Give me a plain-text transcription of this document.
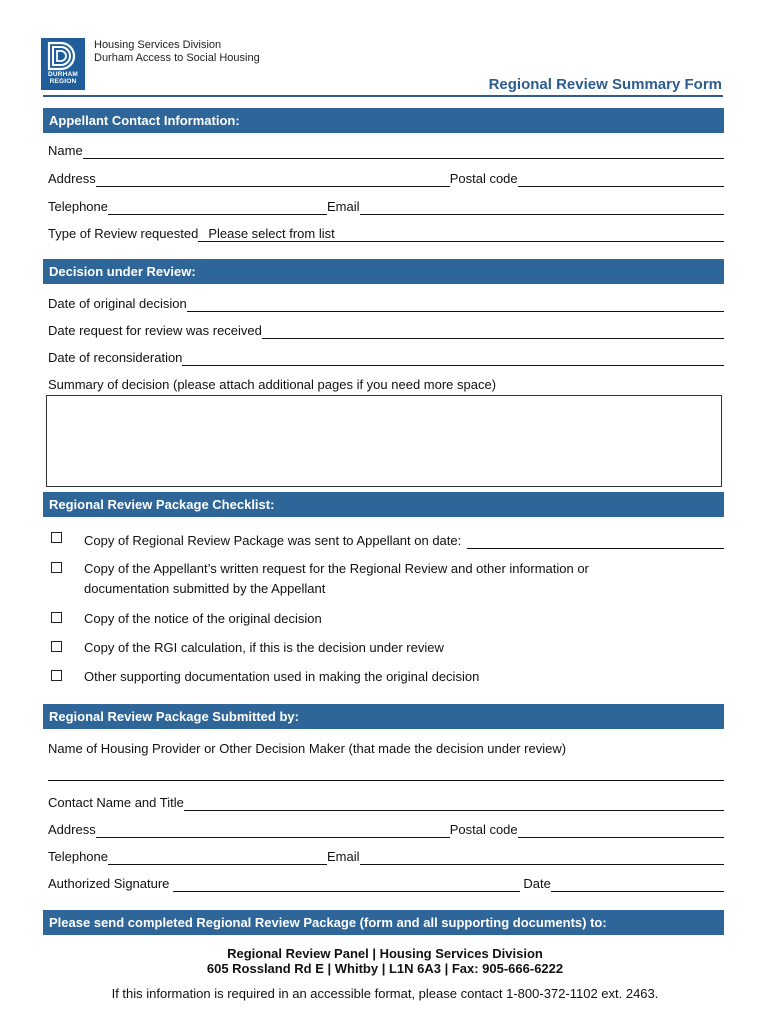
DURHAM
REGION
Housing Services Division
Durham Access to Social Housing
Regional Review Summary Form
Appellant Contact Information:
Name
Address	Postal code
Telephone	Email
Type of Review requested Please select from list
Decision under Review:
Date of original decision
Date request for review was received
Date of reconsideration
Summary of decision (please attach additional pages if you need more space)
Regional Review Package Checklist:
Copy of Regional Review Package was sent to Appellant on date:
Copy of the Appellant’s written request for the Regional Review and other information or
documentation submitted by the Appellant
Copy of the notice of the original decision
Copy of the RGI calculation, if this is the decision under review
Other supporting documentation used in making the original decision
Regional Review Package Submitted by:
Name of Housing Provider or Other Decision Maker (that made the decision under review)
Contact Name and Title
Address	Postal code
Telephone	Email
Authorized Signature	Date
Please send completed Regional Review Package (form and all supporting documents) to:
Regional Review Panel | Housing Services Division
605 Rossland Rd E | Whitby | L1N 6A3 | Fax: 905-666-6222
If this information is required in an accessible format, please contact 1-800-372-1102 ext. 2463.
